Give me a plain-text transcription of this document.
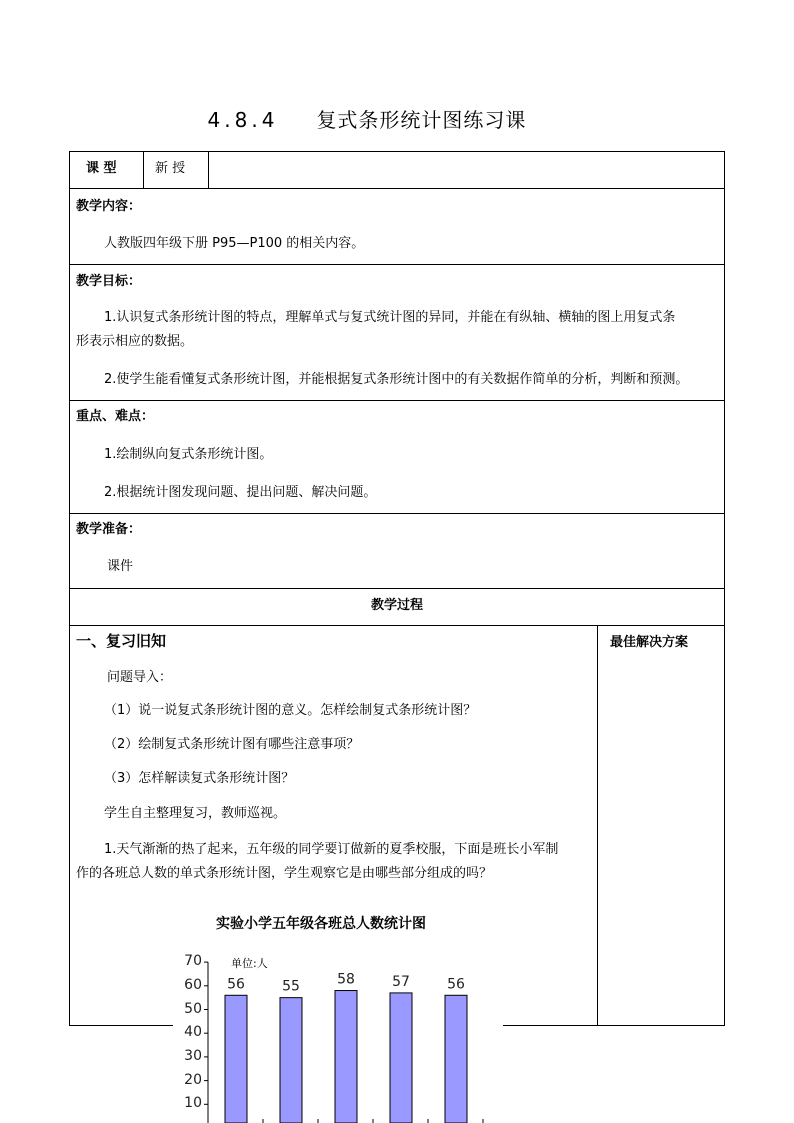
4.8.4 复式条形统计图练习课
课 型	新 授
教学内容：
人教版四年级下册 P95—P100 的相关内容。
教学目标：
1.认识复式条形统计图的特点，理解单式与复式统计图的异同，并能在有纵轴、横轴的图上用复式条
形表示相应的数据。
2.使学生能看懂复式条形统计图，并能根据复式条形统计图中的有关数据作简单的分析，判断和预测。
重点、难点：
1.绘制纵向复式条形统计图。
2.根据统计图发现问题、提出问题、解决问题。
教学准备：
课件
教学过程
一、复习旧知	最佳解决方案
问题导入：
（1）说一说复式条形统计图的意义。怎样绘制复式条形统计图？
（2）绘制复式条形统计图有哪些注意事项？
（3）怎样解读复式条形统计图？
学生自主整理复习，教师巡视。
1.天气渐渐的热了起来，五年级的同学要订做新的夏季校服，下面是班长小军制
作的各班总人数的单式条形统计图，学生观察它是由哪些部分组成的吗？
实验小学五年级各班总人数统计图
单位:人
10
20
30
40
50
60
70
56	55	58	57	56
